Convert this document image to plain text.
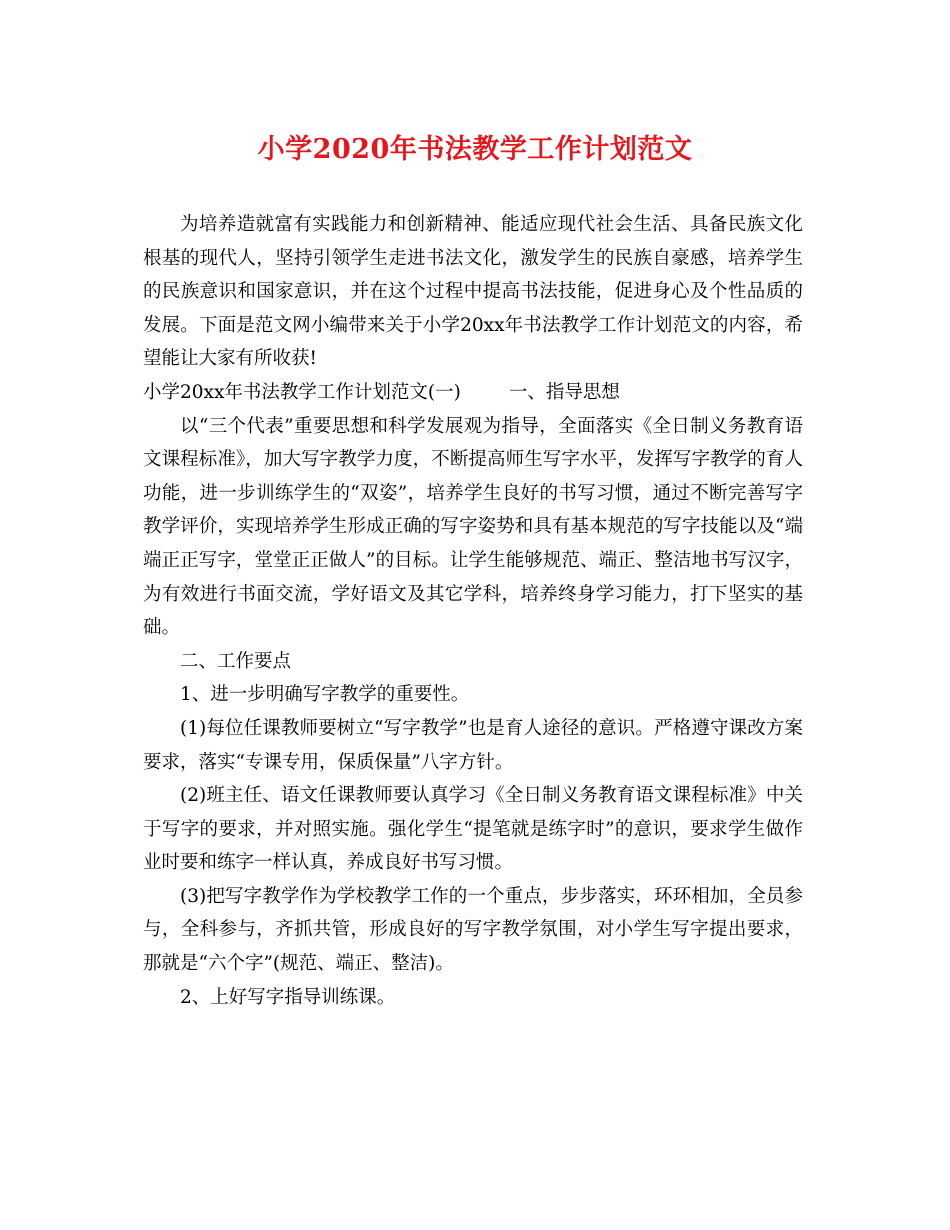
小学2020年书法教学工作计划范文

为培养造就富有实践能力和创新精神、能适应现代社会生活、具备民族文化根基的现代人，坚持引领学生走进书法文化，激发学生的民族自豪感，培养学生的民族意识和国家意识，并在这个过程中提高书法技能，促进身心及个性品质的发展。下面是范文网小编带来关于小学20xx年书法教学工作计划范文的内容，希望能让大家有所收获!

小学20xx年书法教学工作计划范文(一)	一、指导思想

以“三个代表”重要思想和科学发展观为指导，全面落实《全日制义务教育语文课程标准》，加大写字教学力度，不断提高师生写字水平，发挥写字教学的育人功能，进一步训练学生的“双姿”，培养学生良好的书写习惯，通过不断完善写字教学评价，实现培养学生形成正确的写字姿势和具有基本规范的写字技能以及“端端正正写字，堂堂正正做人”的目标。让学生能够规范、端正、整洁地书写汉字，为有效进行书面交流，学好语文及其它学科，培养终身学习能力，打下坚实的基础。

二、工作要点

1、进一步明确写字教学的重要性。

(1)每位任课教师要树立“写字教学”也是育人途径的意识。严格遵守课改方案要求，落实“专课专用，保质保量”八字方针。

(2)班主任、语文任课教师要认真学习《全日制义务教育语文课程标准》中关于写字的要求，并对照实施。强化学生“提笔就是练字时”的意识，要求学生做作业时要和练字一样认真，养成良好书写习惯。

(3)把写字教学作为学校教学工作的一个重点，步步落实，环环相加，全员参与，全科参与，齐抓共管，形成良好的写字教学氛围，对小学生写字提出要求，那就是“六个字”(规范、端正、整洁)。

2、上好写字指导训练课。
